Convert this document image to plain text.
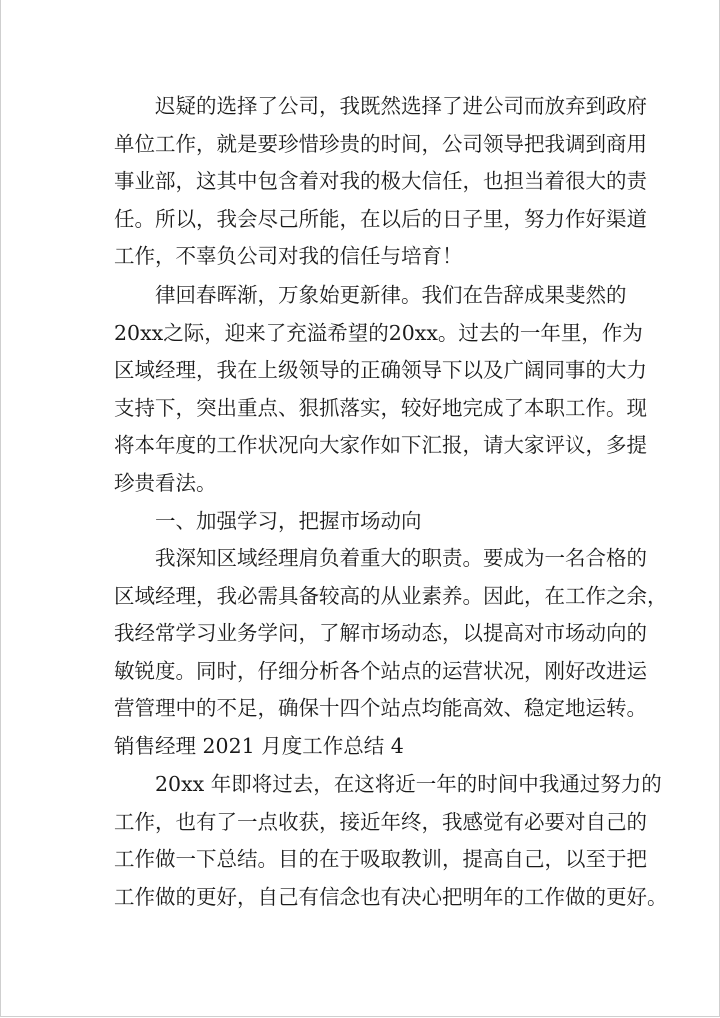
迟疑的选择了公司，我既然选择了进公司而放弃到政府
单位工作，就是要珍惜珍贵的时间，公司领导把我调到商用
事业部，这其中包含着对我的极大信任，也担当着很大的责
任。所以，我会尽己所能，在以后的日子里，努力作好渠道
工作，不辜负公司对我的信任与培育！
律回春晖渐，万象始更新律。我们在告辞成果斐然的
20xx之际，迎来了充溢希望的20xx。过去的一年里，作为
区域经理，我在上级领导的正确领导下以及广阔同事的大力
支持下，突出重点、狠抓落实，较好地完成了本职工作。现
将本年度的工作状况向大家作如下汇报，请大家评议，多提
珍贵看法。
一、加强学习，把握市场动向
我深知区域经理肩负着重大的职责。要成为一名合格的
区域经理，我必需具备较高的从业素养。因此，在工作之余，
我经常学习业务学问，了解市场动态，以提高对市场动向的
敏锐度。同时，仔细分析各个站点的运营状况，刚好改进运
营管理中的不足，确保十四个站点均能高效、稳定地运转。
销售经理 2021 月度工作总结 4
20xx 年即将过去，在这将近一年的时间中我通过努力的
工作，也有了一点收获，接近年终，我感觉有必要对自己的
工作做一下总结。目的在于吸取教训，提高自己，以至于把
工作做的更好，自己有信念也有决心把明年的工作做的更好。
